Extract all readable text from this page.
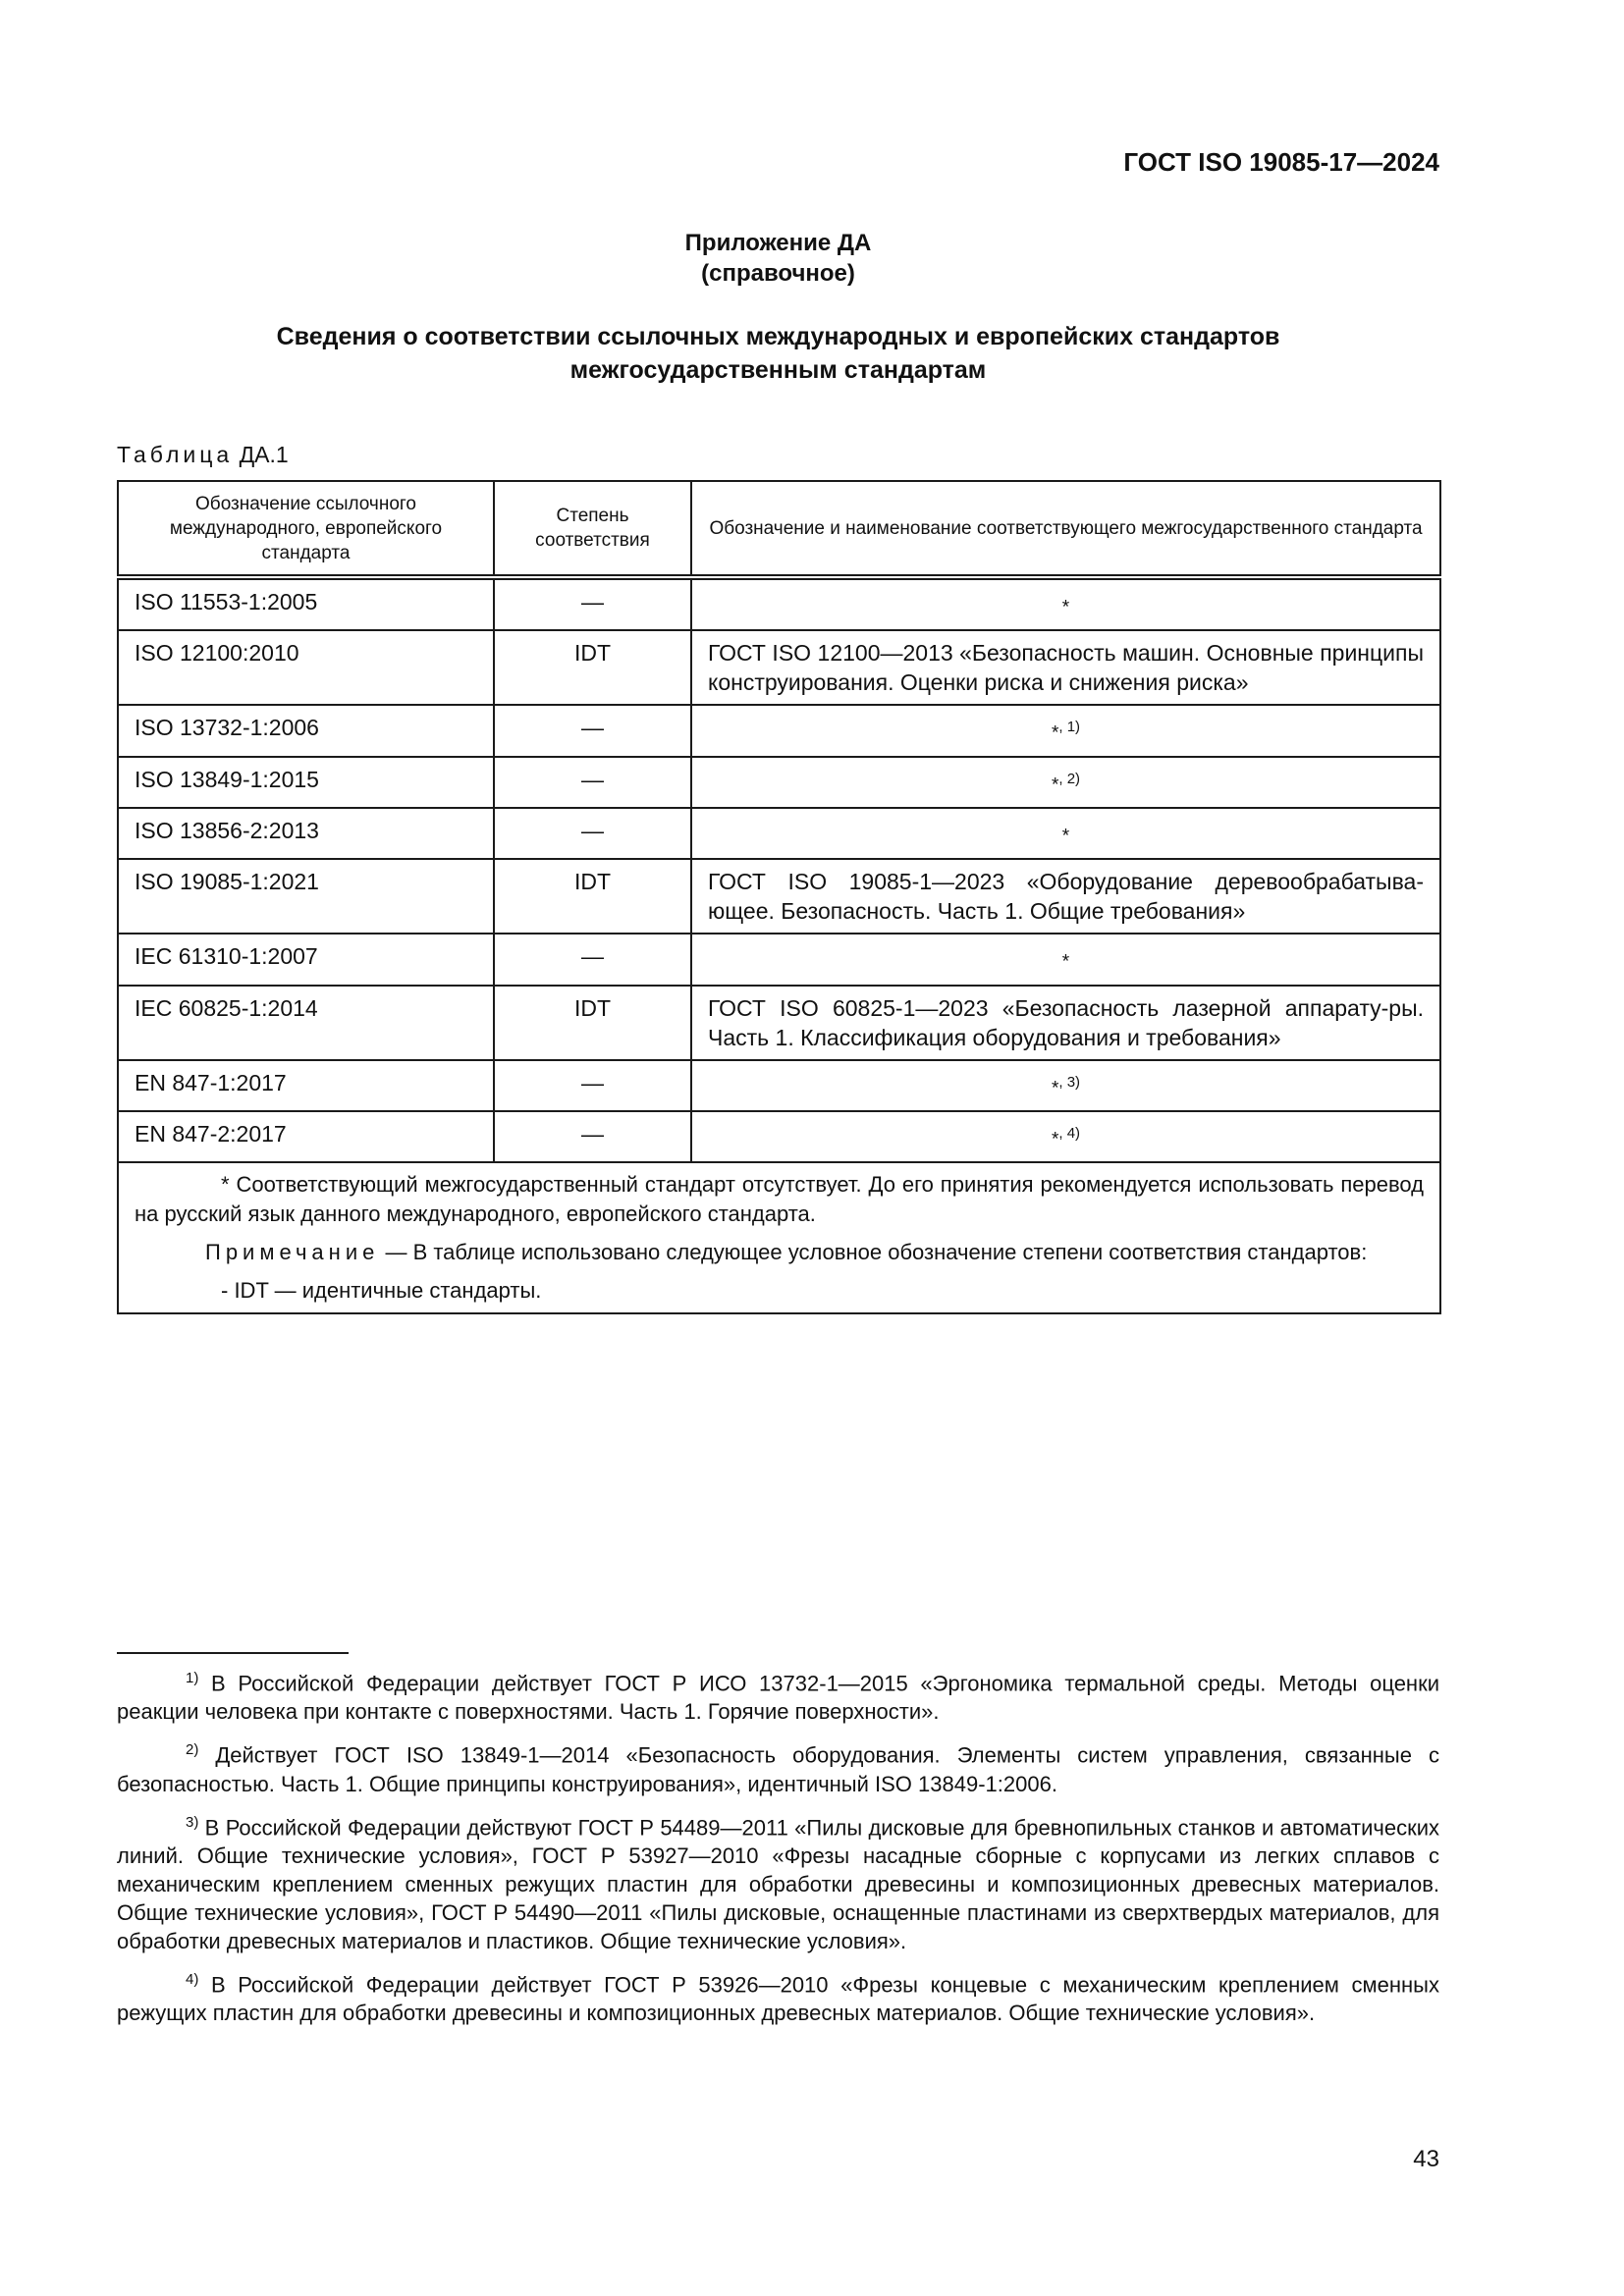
ГОСТ ISO 19085-17—2024
Приложение ДА
(справочное)
Сведения о соответствии ссылочных международных и европейских стандартов
межгосударственным стандартам
Таблица ДА.1
Обозначение ссылочного международного, европейского стандарта	Степень соответствия	Обозначение и наименование соответствующего межгосударственного стандарта
ISO 11553-1:2005	—	*
ISO 12100:2010	IDT	ГОСТ ISO 12100—2013 «Безопасность машин. Основные принципы конструирования. Оценки риска и снижения риска»
ISO 13732-1:2006	—	*$^{, 1)}$
ISO 13849-1:2015	—	*$^{, 2)}$
ISO 13856-2:2013	—	*
ISO 19085-1:2021	IDT	ГОСТ ISO 19085-1—2023 «Оборудование деревообрабатыва-ющее. Безопасность. Часть 1. Общие требования»
IEC 61310-1:2007	—	*
IEC 60825-1:2014	IDT	ГОСТ ISO 60825-1—2023 «Безопасность лазерной аппарату-ры. Часть 1. Классификация оборудования и требования»
EN 847-1:2017	—	*$^{, 3)}$
EN 847-2:2017	—	*$^{, 4)}$

* Соответствующий межгосударственный стандарт отсутствует. До его принятия рекомендуется использовать перевод на русский язык данного международного, европейского стандарта.

Примечание — В таблице использовано следующее условное обозначение степени соответствия стандартов:

- IDT — идентичные стандарты.		

$^{1)}$ В Российской Федерации действует ГОСТ Р ИСО 13732-1—2015 «Эргономика термальной среды. Методы оценки реакции человека при контакте с поверхностями. Часть 1. Горячие поверхности».

$^{2)}$ Действует ГОСТ ISO 13849-1—2014 «Безопасность оборудования. Элементы систем управления, связанные с безопасностью. Часть 1. Общие принципы конструирования», идентичный ISO 13849-1:2006.

$^{3)}$ В Российской Федерации действуют ГОСТ Р 54489—2011 «Пилы дисковые для бревнопильных станков и автоматических линий. Общие технические условия», ГОСТ Р 53927—2010 «Фрезы насадные сборные с корпусами из легких сплавов с механическим креплением сменных режущих пластин для обработки древесины и композиционных древесных материалов. Общие технические условия», ГОСТ Р 54490—2011 «Пилы дисковые, оснащенные пластинами из сверхтвердых материалов, для обработки древесных материалов и пластиков. Общие технические условия».

$^{4)}$ В Российской Федерации действует ГОСТ Р 53926—2010 «Фрезы концевые с механическим креплением сменных режущих пластин для обработки древесины и композиционных древесных материалов. Общие технические условия».

43
